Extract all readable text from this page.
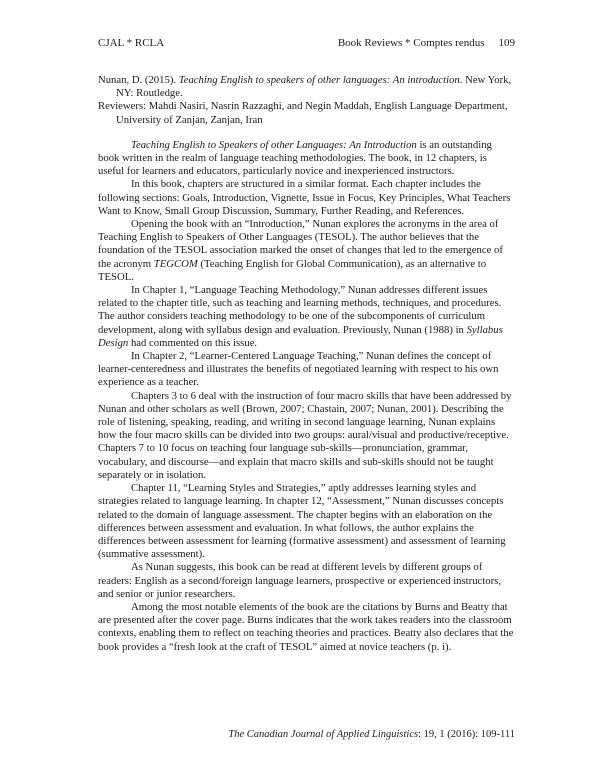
CJAL * RCLA	Book Reviews * Comptes rendus 109

Nunan, D. (2015). Teaching English to speakers of other languages: An introduction. New York, NY: Routledge.

Reviewers: Mahdi Nasiri, Nasrin Razzaghi, and Negin Maddah, English Language Department, University of Zanjan, Zanjan, Iran

Teaching English to Speakers of other Languages: An Introduction is an outstanding book written in the realm of language teaching methodologies. The book, in 12 chapters, is useful for learners and educators, particularly novice and inexperienced instructors.

In this book, chapters are structured in a similar format. Each chapter includes the following sections: Goals, Introduction, Vignette, Issue in Focus, Key Principles, What Teachers Want to Know, Small Group Discussion, Summary, Further Reading, and References.

Opening the book with an “Introduction,” Nunan explores the acronyms in the area of Teaching English to Speakers of Other Languages (TESOL). The author believes that the foundation of the TESOL association marked the onset of changes that led to the emergence of the acronym TEGCOM (Teaching English for Global Communication), as an alternative to TESOL.

In Chapter 1, “Language Teaching Methodology,” Nunan addresses different issues related to the chapter title, such as teaching and learning methods, techniques, and procedures. The author considers teaching methodology to be one of the subcomponents of curriculum development, along with syllabus design and evaluation. Previously, Nunan (1988) in Syllabus Design had commented on this issue.

In Chapter 2, “Learner-Centered Language Teaching,” Nunan defines the concept of learner-centeredness and illustrates the benefits of negotiated learning with respect to his own experience as a teacher.

Chapters 3 to 6 deal with the instruction of four macro skills that have been addressed by Nunan and other scholars as well (Brown, 2007; Chastain, 2007; Nunan, 2001). Describing the role of listening, speaking, reading, and writing in second language learning, Nunan explains how the four macro skills can be divided into two groups: aural/visual and productive/receptive. Chapters 7 to 10 focus on teaching four language sub-skills—pronunciation, grammar, vocabulary, and discourse—and explain that macro skills and sub-skills should not be taught separately or in isolation.

Chapter 11, “Learning Styles and Strategies,” aptly addresses learning styles and strategies related to language learning. In chapter 12, “Assessment,” Nunan discusses concepts related to the domain of language assessment. The chapter begins with an elaboration on the differences between assessment and evaluation. In what follows, the author explains the differences between assessment for learning (formative assessment) and assessment of learning (summative assessment).

As Nunan suggests, this book can be read at different levels by different groups of readers: English as a second/foreign language learners, prospective or experienced instructors, and senior or junior researchers.

Among the most notable elements of the book are the citations by Burns and Beatty that are presented after the cover page. Burns indicates that the work takes readers into the classroom contexts, enabling them to reflect on teaching theories and practices. Beatty also declares that the book provides a “fresh look at the craft of TESOL” aimed at novice teachers (p. i).

The Canadian Journal of Applied Linguistics: 19, 1 (2016): 109-111
